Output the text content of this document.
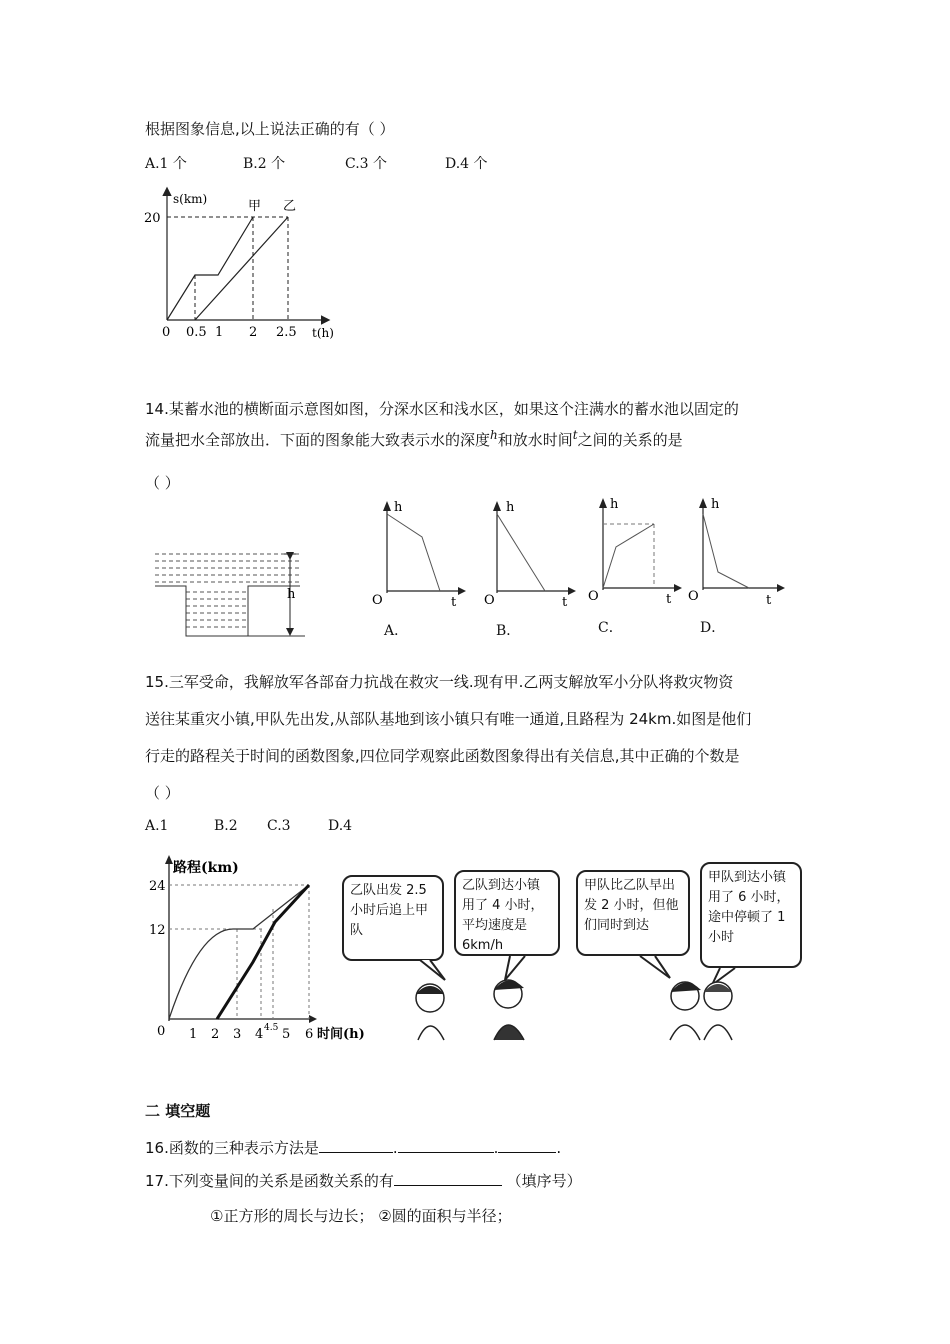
根据图象信息,以上说法正确的有（ ）
A.1 个	B.2 个	C.3 个	D.4 个
s(km)
20
甲 乙
0 0.5 1 2 2.5 t(h)
14.某蓄水池的横断面示意图如图，分深水区和浅水区，如果这个注满水的蓄水池以固定的
流量把水全部放出．下面的图象能大致表示水的深度$^h$和放水时间$^t$之间的关系的是
（ ）
h
h
O	t
A．
h
O	t
B．
h
O	t
C．
h
O	t
D．
15.三军受命，我解放军各部奋力抗战在救灾一线.现有甲.乙两支解放军小分队将救灾物资
送往某重灾小镇,甲队先出发,从部队基地到该小镇只有唯一通道,且路程为 24km.如图是他们
行走的路程关于时间的函数图象,四位同学观察此函数图象得出有关信息,其中正确的个数是
（ ）
A.1	B.2 C.3	D.4
路程(km)
24
12
0 1 2 3 4 4.5 5 6 时间(h)
乙队出发 2.5 小时后追上甲队
乙队到达小镇用了 4 小时，平均速度是 6km/h
甲队比乙队早出发 2 小时，但他们同时到达
甲队到达小镇用了 6 小时，途中停顿了 1 小时
二 填空题
16.函数的三种表示方法是	.	.	.
17.下列变量间的关系是函数关系的有	（填序号）
①正方形的周长与边长； ②圆的面积与半径；
